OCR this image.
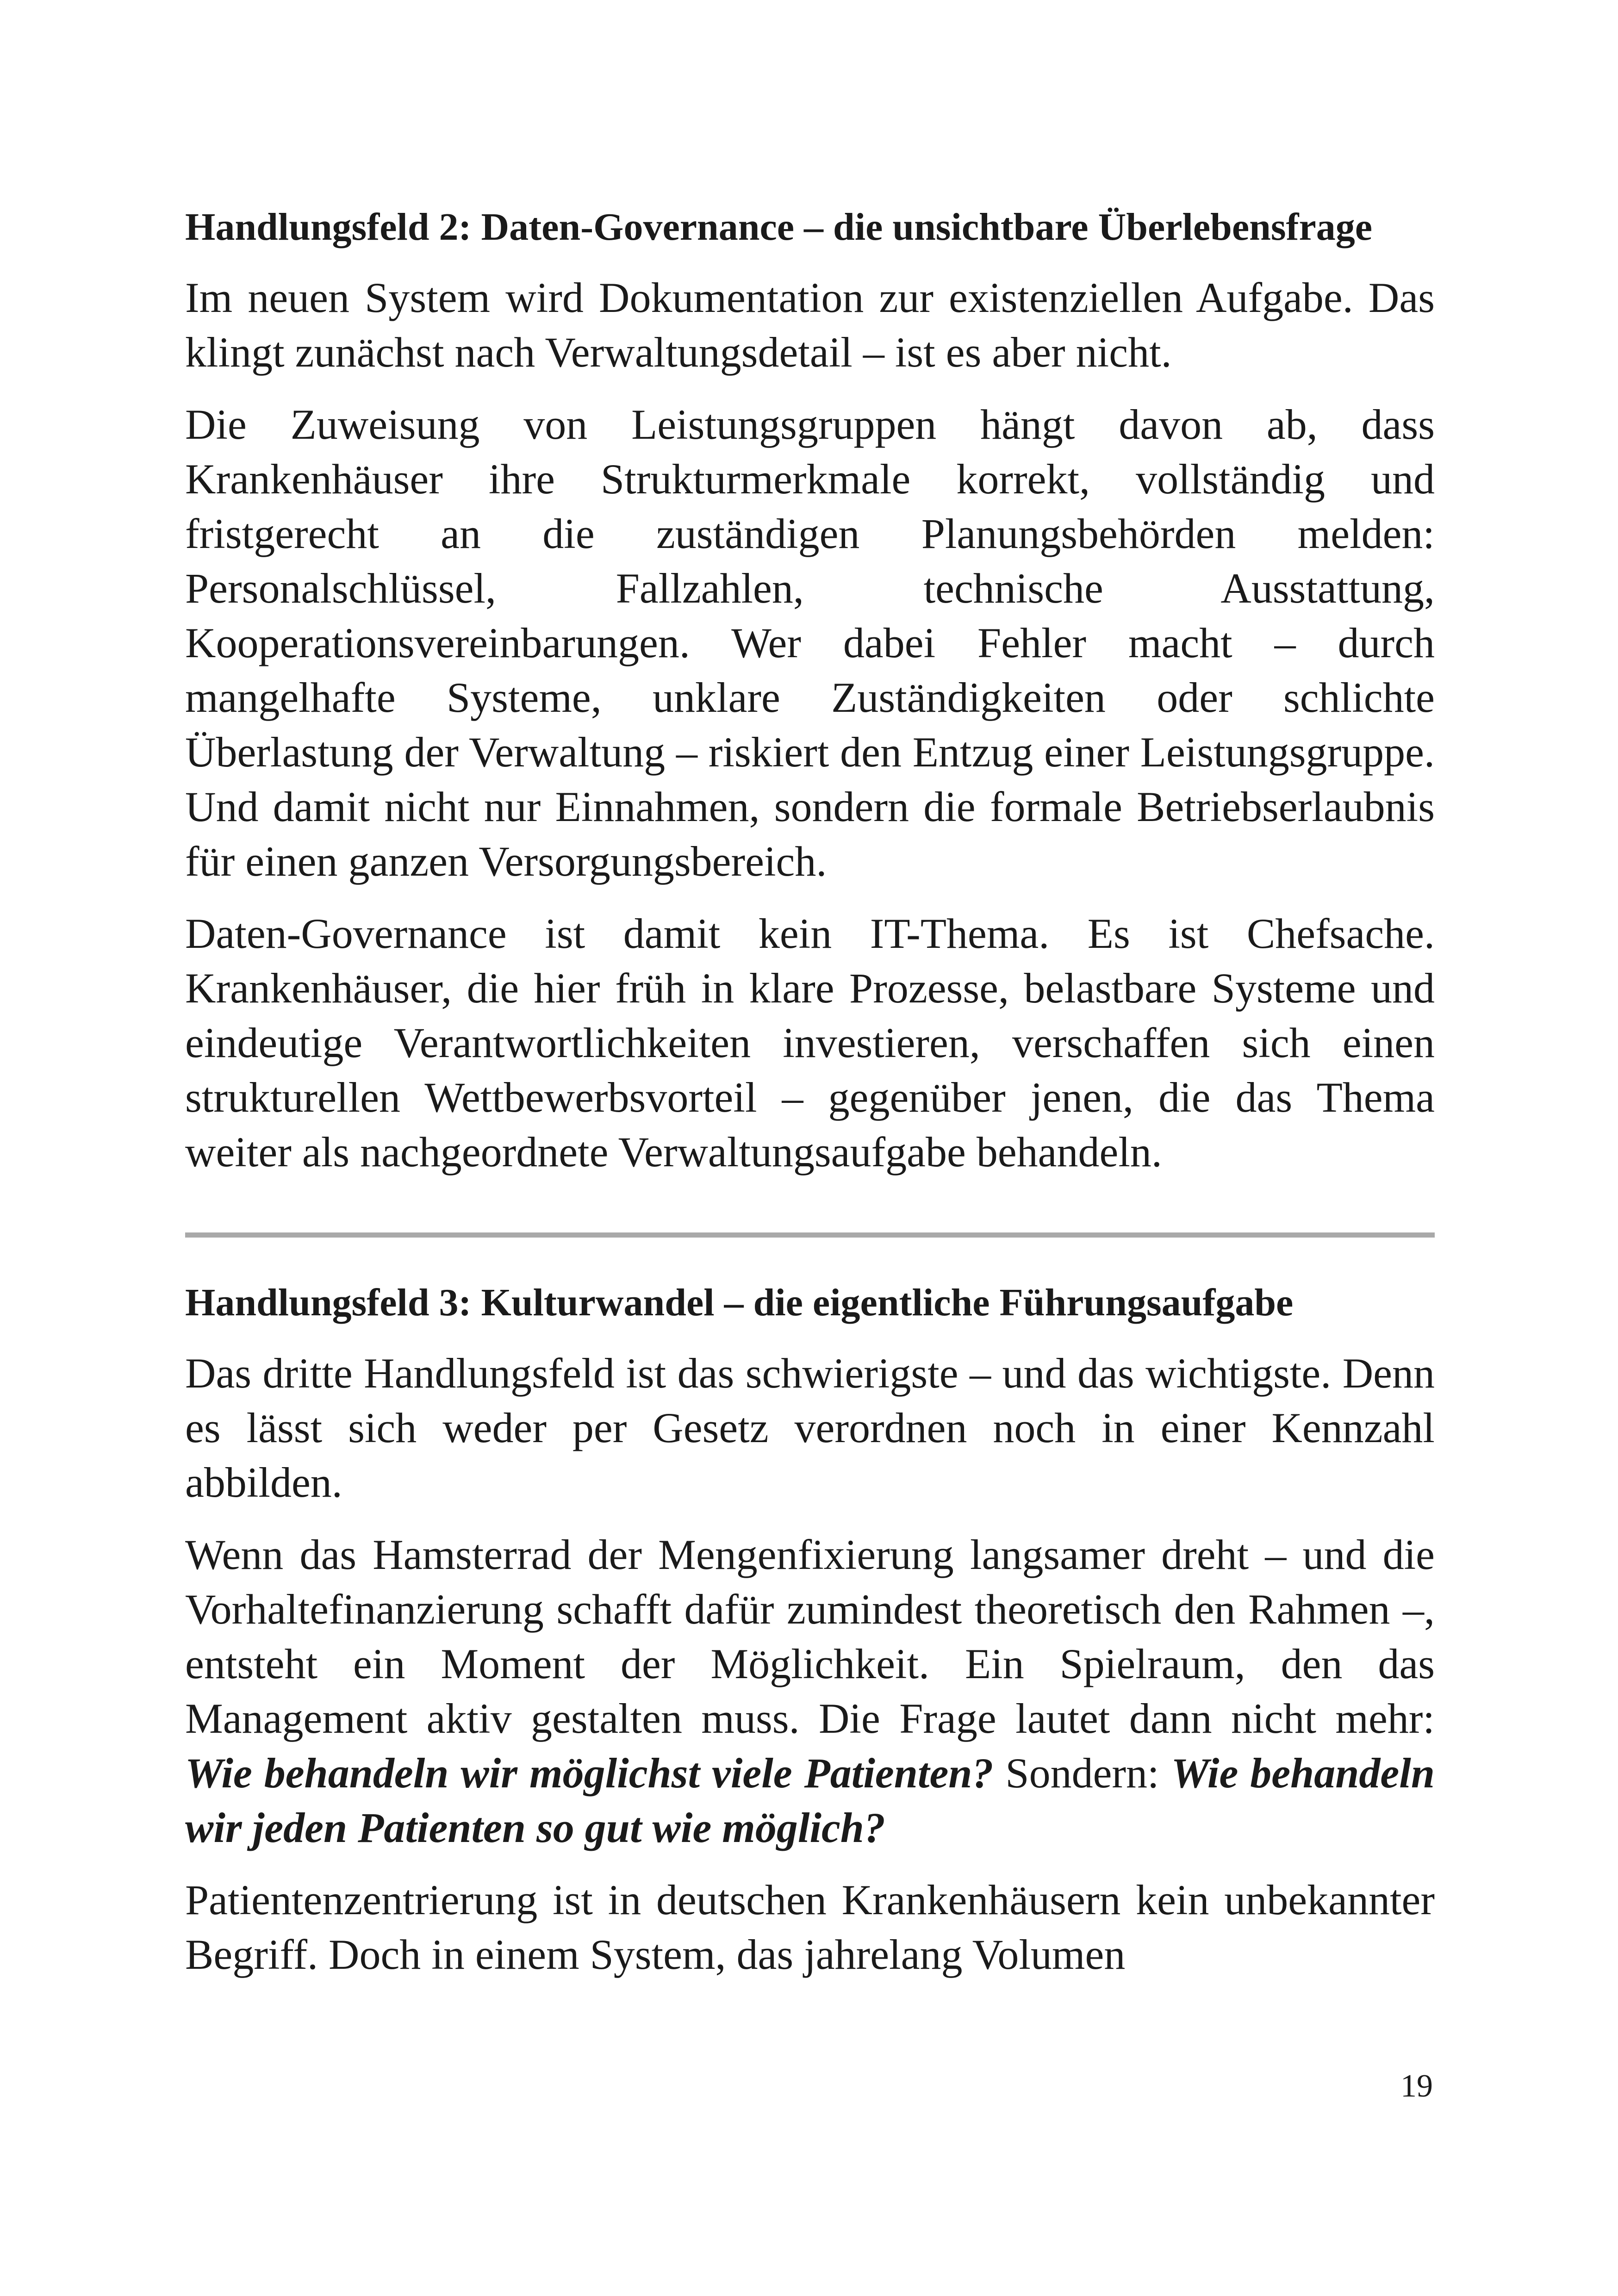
Handlungsfeld 2: Daten-Governance – die unsichtbare Überlebensfrage

Im neuen System wird Dokumentation zur existenziellen Aufgabe. Das klingt zunächst nach Verwaltungsdetail – ist es aber nicht.

Die Zuweisung von Leistungsgruppen hängt davon ab, dass Krankenhäuser ihre Strukturmerkmale korrekt, vollständig und fristgerecht an die zuständigen Planungsbehörden melden: Personalschlüssel, Fallzahlen, technische Ausstattung, Kooperationsvereinbarungen. Wer dabei Fehler macht – durch mangelhafte Systeme, unklare Zuständigkeiten oder schlichte Überlastung der Verwaltung – riskiert den Entzug einer Leistungsgruppe. Und damit nicht nur Einnahmen, sondern die formale Betriebserlaubnis für einen ganzen Versorgungsbereich.

Daten-Governance ist damit kein IT-Thema. Es ist Chefsache. Krankenhäuser, die hier früh in klare Prozesse, belastbare Systeme und eindeutige Verantwortlichkeiten investieren, verschaffen sich einen strukturellen Wettbewerbsvorteil – gegenüber jenen, die das Thema weiter als nachgeordnete Verwaltungsaufgabe behandeln.

Handlungsfeld 3: Kulturwandel – die eigentliche Führungsaufgabe

Das dritte Handlungsfeld ist das schwierigste – und das wichtigste. Denn es lässt sich weder per Gesetz verordnen noch in einer Kennzahl abbilden.

Wenn das Hamsterrad der Mengenfixierung langsamer dreht – und die Vorhaltefinanzierung schafft dafür zumindest theoretisch den Rahmen –, entsteht ein Moment der Möglichkeit. Ein Spielraum, den das Management aktiv gestalten muss. Die Frage lautet dann nicht mehr: Wie behandeln wir möglichst viele Patienten? Sondern: Wie behandeln wir jeden Patienten so gut wie möglich?

Patientenzentrierung ist in deutschen Krankenhäusern kein unbekannter Begriff. Doch in einem System, das jahrelang Volumen

19
